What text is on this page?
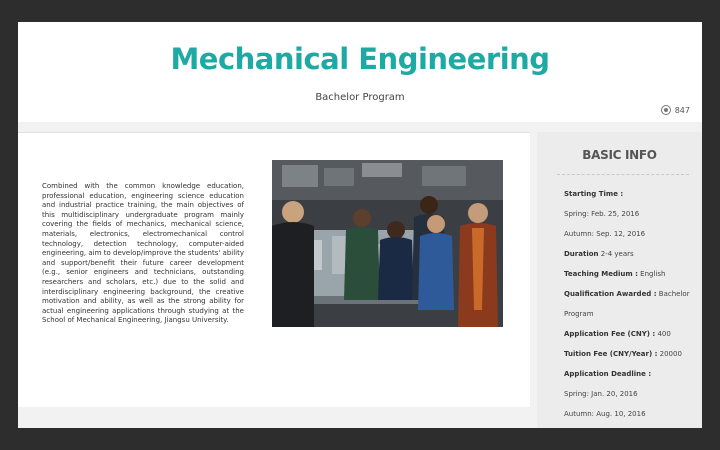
Mechanical Engineering
Bachelor Program
847
Combined with the common knowledge education, professional education, engineering science education and industrial practice training, the main objectives of this multidisciplinary undergraduate program mainly covering the fields of mechanics, mechanical science, materials, electronics, electromechanical control technology, detection technology, computer-aided engineering, aim to develop/improve the students' ability and support/benefit their future career development (e.g., senior engineers and technicians, outstanding researchers and scholars, etc.) due to the solid and interdisciplinary engineering background, the creative motivation and ability, as well as the strong ability for actual engineering applications through studying at the School of Mechanical Engineering, Jiangsu University.
BASIC INFO
Starting Time :
Spring: Feb. 25, 2016
Autumn: Sep. 12, 2016
Duration 2-4 years
Teaching Medium : English
Qualification Awarded : Bachelor
Program
Application Fee (CNY) : 400
Tuition Fee (CNY/Year) : 20000
Application Deadline :
Spring: Jan. 20, 2016
Autumn: Aug. 10, 2016
